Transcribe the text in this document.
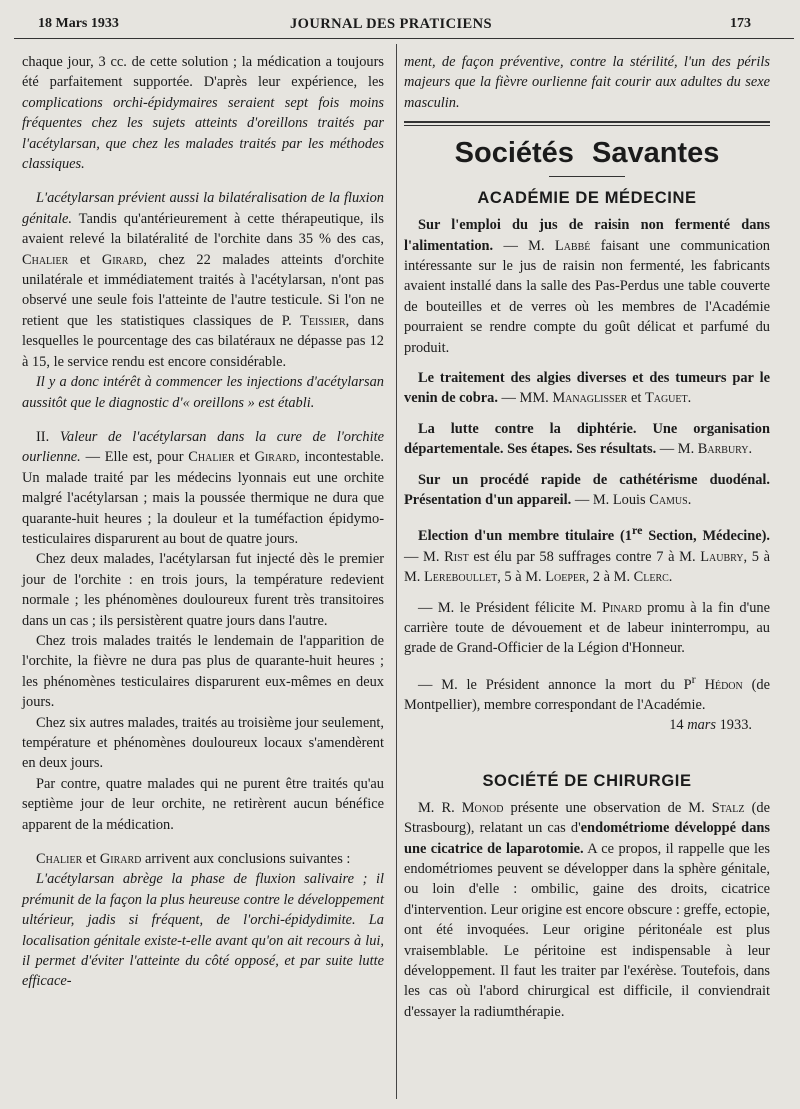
18 Mars 1933	JOURNAL DES PRATICIENS	173

chaque jour, 3 cc. de cette solution ; la médication a toujours été parfaitement supportée. D'après leur expérience, les complications orchi-épidymaires seraient sept fois moins fréquentes chez les sujets atteints d'oreillons traités par l'acétylarsan, que chez les malades traités par les méthodes classiques.

L'acétylarsan prévient aussi la bilatéralisation de la fluxion génitale. Tandis qu'antérieurement à cette thérapeutique, ils avaient relevé la bilatéralité de l'orchite dans 35 % des cas, Chalier et Girard, chez 22 malades atteints d'orchite unilatérale et immédiatement traités à l'acétylarsan, n'ont pas observé une seule fois l'atteinte de l'autre testicule. Si l'on ne retient que les statistiques classiques de P. Teissier, dans lesquelles le pourcentage des cas bilatéraux ne dépasse pas 12 à 15, le service rendu est encore considérable.

Il y a donc intérêt à commencer les injections d'acétylarsan aussitôt que le diagnostic d'« oreillons » est établi.

II. Valeur de l'acétylarsan dans la cure de l'orchite ourlienne. — Elle est, pour Chalier et Girard, incontestable. Un malade traité par les médecins lyonnais eut une orchite malgré l'acétylarsan ; mais la poussée thermique ne dura que quarante-huit heures ; la douleur et la tuméfaction épidymo-testiculaires disparurent au bout de quatre jours.

Chez deux malades, l'acétylarsan fut injecté dès le premier jour de l'orchite : en trois jours, la température redevient normale ; les phénomènes douloureux furent très transitoires dans un cas ; ils persistèrent quatre jours dans l'autre.

Chez trois malades traités le lendemain de l'apparition de l'orchite, la fièvre ne dura pas plus de quarante-huit heures ; les phénomènes testiculaires disparurent eux-mêmes en deux jours.

Chez six autres malades, traités au troisième jour seulement, température et phénomènes douloureux locaux s'amendèrent en deux jours.

Par contre, quatre malades qui ne purent être traités qu'au septième jour de leur orchite, ne retirèrent aucun bénéfice apparent de la médication.

Chalier et Girard arrivent aux conclusions suivantes :

L'acétylarsan abrège la phase de fluxion salivaire ; il prémunit de la façon la plus heureuse contre le développement ultérieur, jadis si fréquent, de l'orchi-épidydimite. La localisation génitale existe-t-elle avant qu'on ait recours à lui, il permet d'éviter l'atteinte du côté opposé, et par suite lutte efficace-

ment, de façon préventive, contre la stérilité, l'un des périls majeurs que la fièvre ourlienne fait courir aux adultes du sexe masculin.

Sociétés Savantes
ACADÉMIE DE MÉDECINE

Sur l'emploi du jus de raisin non fermenté dans l'alimentation. — M. Labbé faisant une communication intéressante sur le jus de raisin non fermenté, les fabricants avaient installé dans la salle des Pas-Perdus une table couverte de bouteilles et de verres où les membres de l'Académie pourraient se rendre compte du goût délicat et parfumé du produit.

Le traitement des algies diverses et des tumeurs par le venin de cobra. — MM. Managlisser et Taguet.

La lutte contre la diphtérie. Une organisation départementale. Ses étapes. Ses résultats. — M. Barbury.

Sur un procédé rapide de cathétérisme duodénal. Présentation d'un appareil. — M. Louis Camus.

Election d'un membre titulaire (1re Section, Médecine). — M. Rist est élu par 58 suffrages contre 7 à M. Laubry, 5 à M. Lereboullet, 5 à M. Loeper, 2 à M. Clerc.

— M. le Président félicite M. Pinard promu à la fin d'une carrière toute de dévouement et de labeur ininterrompu, au grade de Grand-Officier de la Légion d'Honneur.

— M. le Président annonce la mort du $P^r$ Hédon (de Montpellier), membre correspondant de l'Académie.

14 mars 1933.

SOCIÉTÉ DE CHIRURGIE

M. R. Monod présente une observation de M. Stalz (de Strasbourg), relatant un cas d'endométriome développé dans une cicatrice de laparotomie. A ce propos, il rappelle que les endométriomes peuvent se développer dans la sphère génitale, ou loin d'elle : ombilic, gaine des droits, cicatrice d'intervention. Leur origine est encore obscure : greffe, ectopie, ont été invoquées. Leur origine péritonéale est plus vraisemblable. Le péritoine est indispensable à leur développement. Il faut les traiter par l'exérèse. Toutefois, dans les cas où l'abord chirurgical est difficile, il conviendrait d'essayer la radiumthérapie.
